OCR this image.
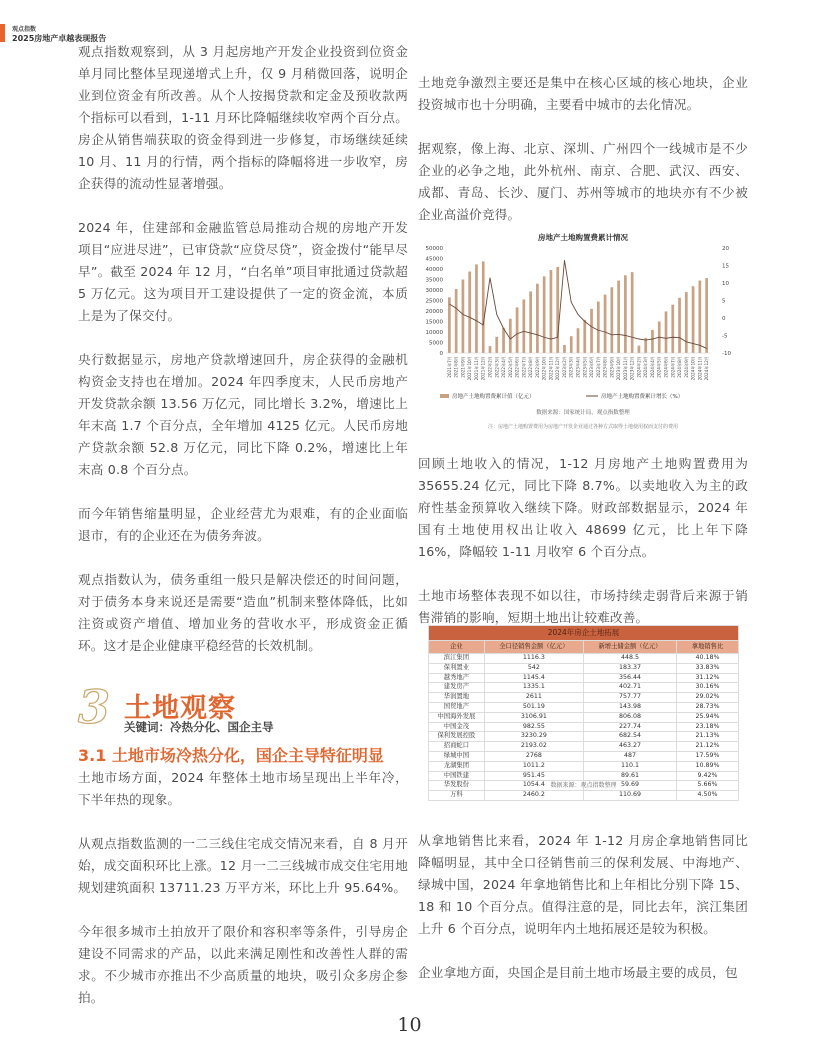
观点指数
2025房地产卓越表现报告

观点指数观察到，从 3 月起房地产开发企业投资到位资金单月同比整体呈现递增式上升，仅 9 月稍微回落，说明企业到位资金有所改善。从个人按揭贷款和定金及预收款两个指标可以看到，1-11 月环比降幅继续收窄两个百分点。房企从销售端获取的资金得到进一步修复，市场继续延续 10 月、11 月的行情，两个指标的降幅将进一步收窄，房企获得的流动性显著增强。

2024 年，住建部和金融监管总局推动合规的房地产开发项目“应进尽进”，已审贷款“应贷尽贷”，资金拨付“能早尽早”。截至 2024 年 12 月，“白名单”项目审批通过贷款超 5 万亿元。这为项目开工建设提供了一定的资金流，本质上是为了保交付。

央行数据显示，房地产贷款增速回升，房企获得的金融机构资金支持也在增加。2024 年四季度末，人民币房地产开发贷款余额 13.56 万亿元，同比增长 3.2%，增速比上年末高 1.7 个百分点，全年增加 4125 亿元。人民币房地产贷款余额 52.8 万亿元，同比下降 0.2%，增速比上年末高 0.8 个百分点。

而今年销售缩量明显，企业经营尤为艰难，有的企业面临退市，有的企业还在为债务奔波。

观点指数认为，债务重组一般只是解决偿还的时间问题，对于债务本身来说还是需要“造血”机制来整体降低，比如注资或资产增值、增加业务的营收水平，形成资金正循环。这才是企业健康平稳经营的长效机制。

3 土地观察
关键词：冷热分化、国企主导
3.1 土地市场冷热分化，国企主导特征明显

土地市场方面，2024 年整体土地市场呈现出上半年冷，下半年热的现象。

从观点指数监测的一二三线住宅成交情况来看，自 8 月开始，成交面积环比上涨。12 月一二三线城市成交住宅用地规划建筑面积 13711.23 万平方米，环比上升 95.64%。

今年很多城市土拍放开了限价和容积率等条件，引导房企建设不同需求的产品，以此来满足刚性和改善性人群的需求。不少城市亦推出不少高质量的地块，吸引众多房企参拍。

土地竞争激烈主要还是集中在核心区域的核心地块，企业投资城市也十分明确，主要看中城市的去化情况。

据观察，像上海、北京、深圳、广州四个一线城市是不少企业的必争之地，此外杭州、南京、合肥、武汉、西安、成都、青岛、长沙、厦门、苏州等城市的地块亦有不少被企业高溢价竞得。

房地产土地购置费累计情况
0
5000
10000
15000
20000
25000
30000
35000
40000
45000
50000
-10
-5
0
5
10
15
20
2021年7月 2021年8月 2021年9月 2021年10月 2021年11月 2021年12月 2022年2月 2022年3月 2022年4月 2022年5月 2022年6月 2022年7月 2022年8月 2022年9月 2022年10月 2022年11月 2022年12月 2023年2月 2023年3月 2023年4月 2023年5月 2023年6月 2023年7月 2023年8月 2023年9月 2023年10月 2023年11月 2023年12月 2024年2月 2024年3月 2024年4月 2024年5月 2024年6月 2024年7月 2024年8月 2024年9月 2024年10月 2024年11月 2024年12月
房地产土地购置费累计值（亿元）	房地产土地购置费累计增长（%）
数据来源：国家统计局，观点指数整理
注：房地产土地购置费用为房地产开发企业通过各种方式取得土地使用权而支付的费用

回顾土地收入的情况，1-12 月房地产土地购置费用为 35655.24 亿元，同比下降 8.7%。以卖地收入为主的政府性基金预算收入继续下降。财政部数据显示，2024 年国有土地使用权出让收入 48699 亿元，比上年下降 16%，降幅较 1-11 月收窄 6 个百分点。

土地市场整体表现不如以往，市场持续走弱背后来源于销售滞销的影响，短期土地出让较难改善。

2024年房企土地拓展			
企业	全口径销售金额（亿元）	新增土储金额（亿元）	拿地销售比
滨江集团	1116.3	448.5	40.18%
保利置业	542	183.37	33.83%
越秀地产	1145.4	356.44	31.12%
建发房产	1335.1	402.71	30.16%
华润置地	2611	757.77	29.02%
国贸地产	501.19	143.98	28.73%
中国海外发展	3106.91	806.08	25.94%
中国金茂	982.55	227.74	23.18%
保利发展控股	3230.29	682.54	21.13%
招商蛇口	2193.02	463.27	21.12%
绿城中国	2768	487	17.59%
龙湖集团	1011.2	110.1	10.89%
中国铁建	951.45	89.61	9.42%
华发股份	1054.4	59.69	5.66%
万科	2460.2	110.69	4.50%
数据来源：观点指数整理

从拿地销售比来看，2024 年 1-12 月房企拿地销售同比降幅明显，其中全口径销售前三的保利发展、中海地产、绿城中国，2024 年拿地销售比和上年相比分别下降 15、18 和 10 个百分点。值得注意的是，同比去年，滨江集团上升 6 个百分点，说明年内土地拓展还是较为积极。

企业拿地方面，央国企是目前土地市场最主要的成员，包

10
